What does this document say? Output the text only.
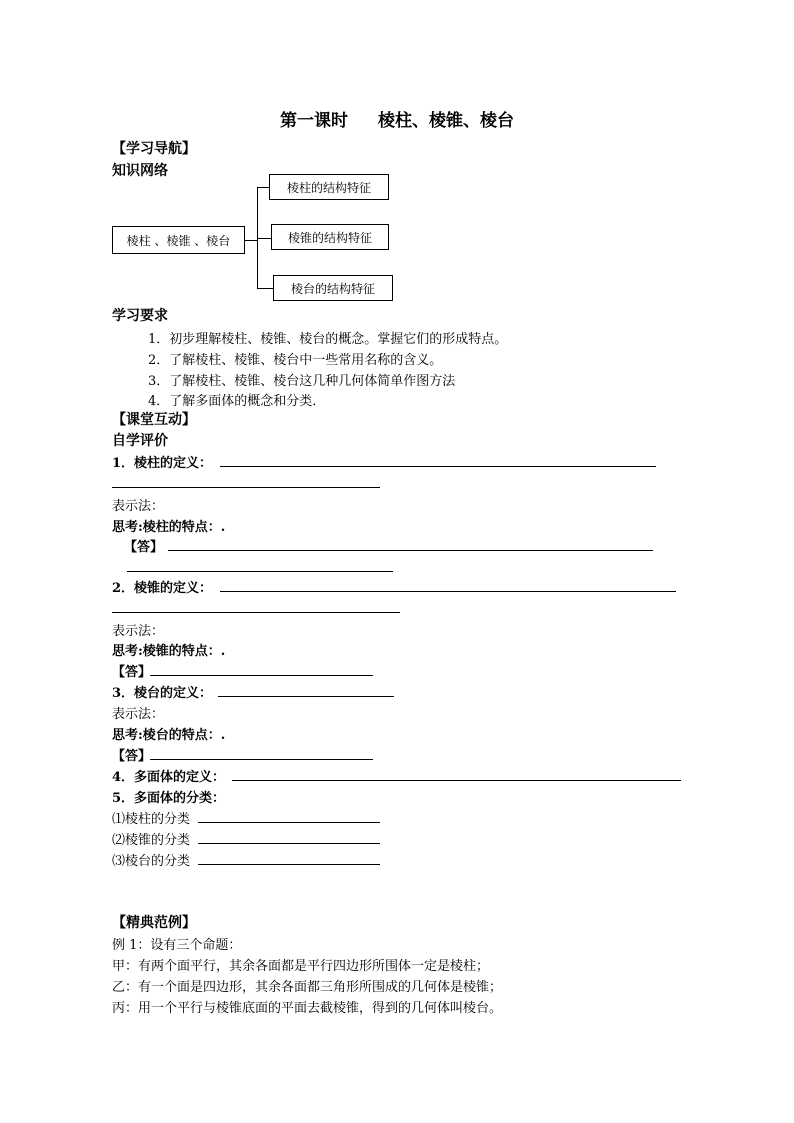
第一课时 棱柱、棱锥、棱台
【学习导航】
知识网络
棱柱 、棱锥 、棱台
棱柱的结构特征
棱锥的结构特征
棱台的结构特征
学习要求
1．初步理解棱柱、棱锥、棱台的概念。掌握它们的形成特点。
2．了解棱柱、棱锥、棱台中一些常用名称的含义。
3．了解棱柱、棱锥、棱台这几种几何体简单作图方法
4．了解多面体的概念和分类．
【课堂互动】
自学评价
1．棱柱的定义：
表示法：
思考:棱柱的特点：.
【答】
2．棱锥的定义：
表示法：
思考:棱锥的特点：.
【答】
3．棱台的定义：
表示法：
思考:棱台的特点：.
【答】
4．多面体的定义：
5．多面体的分类：
⑴棱柱的分类
⑵棱锥的分类
⑶棱台的分类
【精典范例】
例 1：设有三个命题：
甲：有两个面平行，其余各面都是平行四边形所围体一定是棱柱；
乙：有一个面是四边形，其余各面都三角形所围成的几何体是棱锥；
丙：用一个平行与棱锥底面的平面去截棱锥，得到的几何体叫棱台。
